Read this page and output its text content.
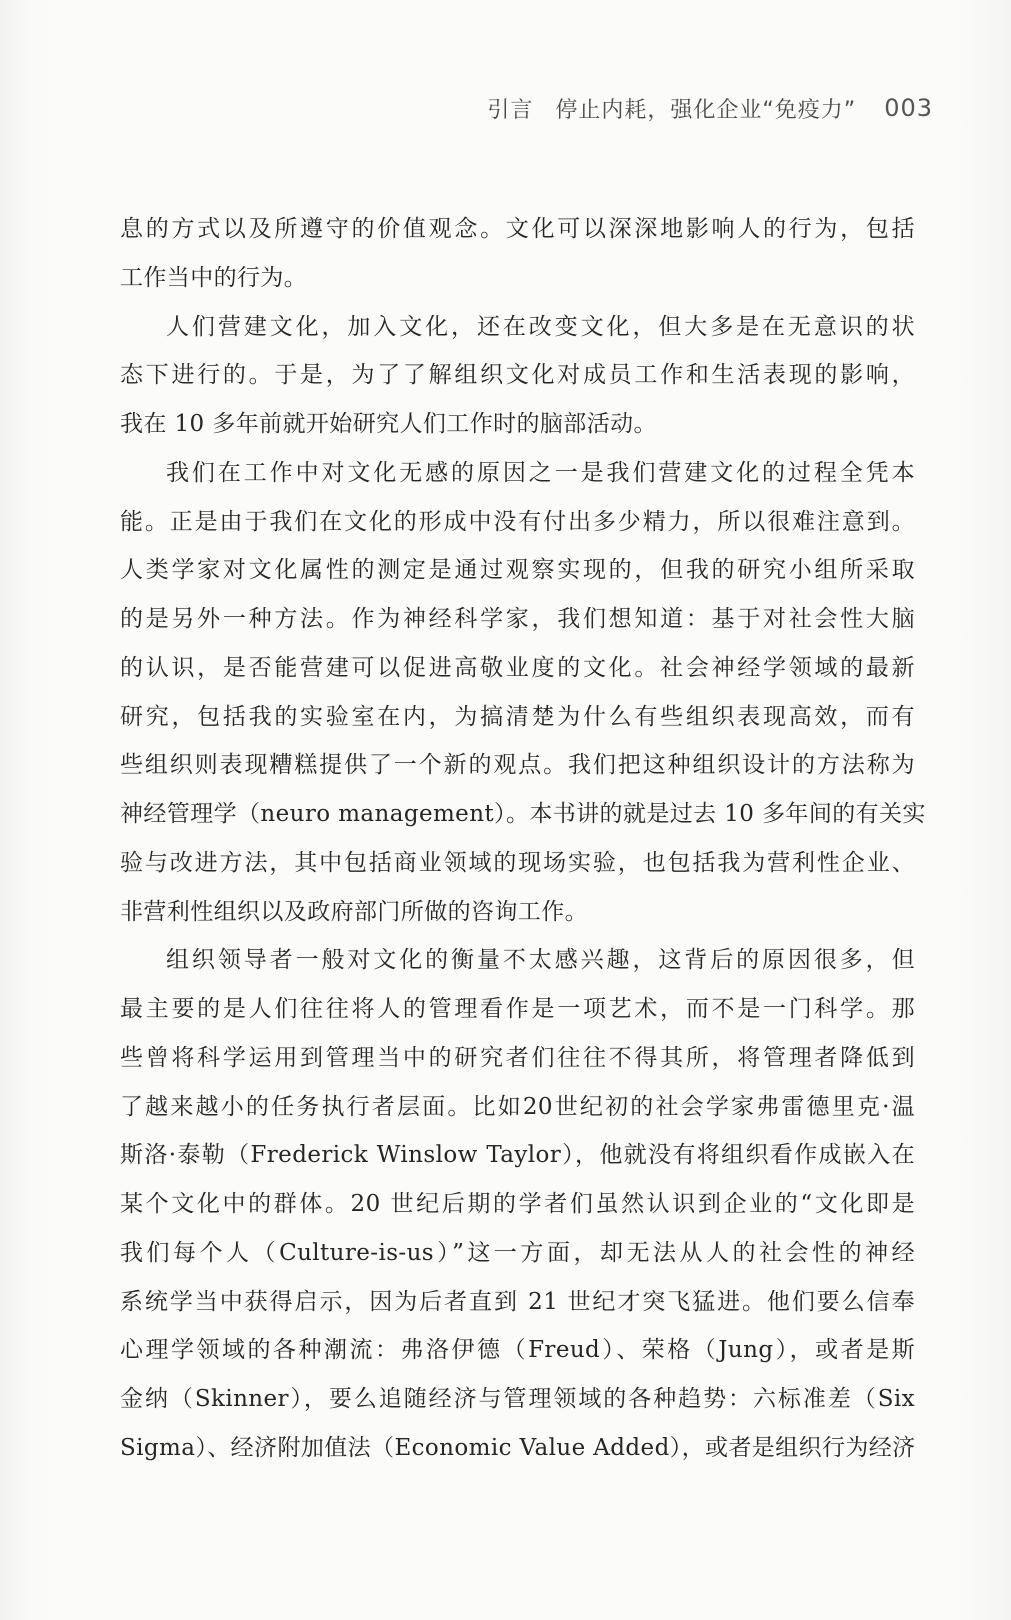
引言 停止内耗，强化企业“免疫力” 003
息的方式以及所遵守的价值观念。文化可以深深地影响人的行为，包括
工作当中的行为。
人们营建文化，加入文化，还在改变文化，但大多是在无意识的状
态下进行的。于是，为了了解组织文化对成员工作和生活表现的影响，
我在 10 多年前就开始研究人们工作时的脑部活动。
我们在工作中对文化无感的原因之一是我们营建文化的过程全凭本
能。正是由于我们在文化的形成中没有付出多少精力，所以很难注意到。
人类学家对文化属性的测定是通过观察实现的，但我的研究小组所采取
的是另外一种方法。作为神经科学家，我们想知道：基于对社会性大脑
的认识，是否能营建可以促进高敬业度的文化。社会神经学领域的最新
研究，包括我的实验室在内，为搞清楚为什么有些组织表现高效，而有
些组织则表现糟糕提供了一个新的观点。我们把这种组织设计的方法称为
神经管理学（neuro management）。本书讲的就是过去 10 多年间的有关实
验与改进方法，其中包括商业领域的现场实验，也包括我为营利性企业、
非营利性组织以及政府部门所做的咨询工作。
组织领导者一般对文化的衡量不太感兴趣，这背后的原因很多，但
最主要的是人们往往将人的管理看作是一项艺术，而不是一门科学。那
些曾将科学运用到管理当中的研究者们往往不得其所，将管理者降低到
了越来越小的任务执行者层面。比如20世纪初的社会学家弗雷德里克·温
斯洛·泰勒（Frederick Winslow Taylor），他就没有将组织看作成嵌入在
某个文化中的群体。20 世纪后期的学者们虽然认识到企业的“文化即是
我们每个人（Culture-is-us）”这一方面，却无法从人的社会性的神经
系统学当中获得启示，因为后者直到 21 世纪才突飞猛进。他们要么信奉
心理学领域的各种潮流：弗洛伊德（Freud）、荣格（Jung），或者是斯
金纳（Skinner），要么追随经济与管理领域的各种趋势：六标准差（Six
Sigma）、经济附加值法（Economic Value Added），或者是组织行为经济
